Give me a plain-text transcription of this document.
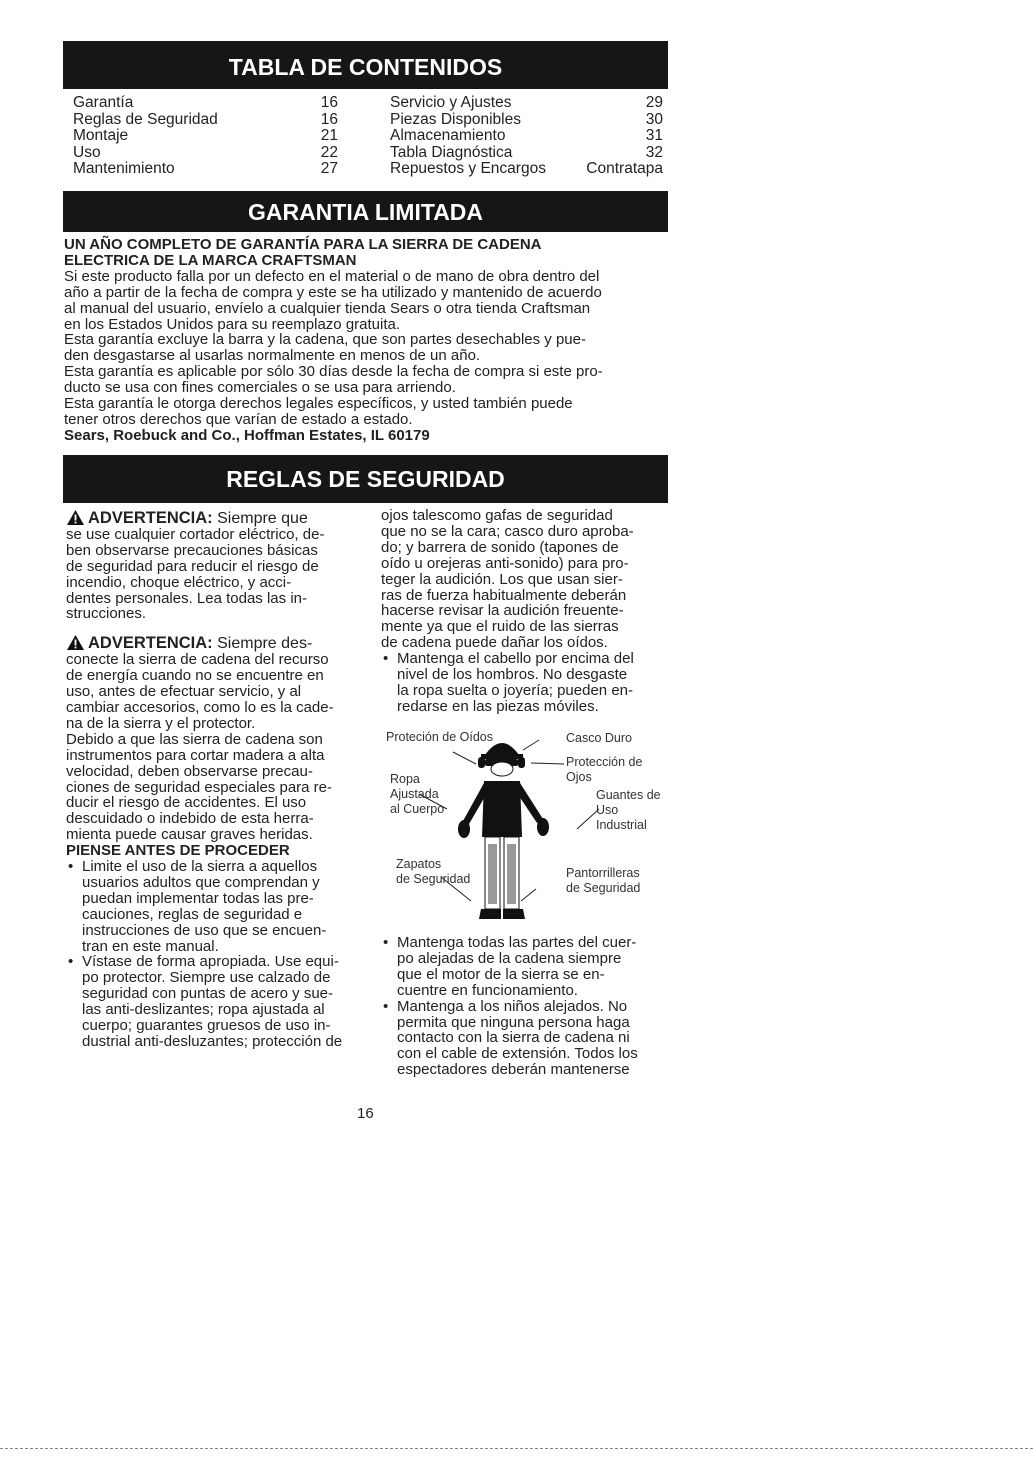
TABLA DE CONTENIDOS
Garantía	16
Reglas de Seguridad	16
Montaje	21
Uso	22
Mantenimiento	27
Servicio y Ajustes	29
Piezas Disponibles	30
Almacenamiento	31
Tabla Diagnóstica	32
Repuestos y Encargos	Contratapa
GARANTIA LIMITADA

UN AÑO COMPLETO DE GARANTÍA PARA LA SIERRA DE CADENA

ELECTRICA DE LA MARCA CRAFTSMAN

Si este producto falla por un defecto en el material o de mano de obra dentro del
año a partir de la fecha de compra y este se ha utilizado y mantenido de acuerdo
al manual del usuario, envíelo a cualquier tienda Sears o otra tienda Craftsman
en los Estados Unidos para su reemplazo gratuita.
Esta garantía excluye la barra y la cadena, que son partes desechables y pue-
den desgastarse al usarlas normalmente en menos de un año.
Esta garantía es aplicable por sólo 30 días desde la fecha de compra si este pro-
ducto se usa con fines comerciales o se usa para arriendo.
Esta garantía le otorga derechos legales específicos, y usted también puede
tener otros derechos que varían de estado a estado.

Sears, Roebuck and Co., Hoffman Estates, IL 60179

REGLAS DE SEGURIDAD
ADVERTENCIA: Siempre que
se use cualquier cortador eléctrico, de-
ben observarse precauciones básicas
de seguridad para reducir el riesgo de
incendio, choque eléctrico, y acci-
dentes personales. Lea todas las in-
strucciones.
ADVERTENCIA: Siempre des-
conecte la sierra de cadena del recurso
de energía cuando no se encuentre en
uso, antes de efectuar servicio, y al
cambiar accesorios, como lo es la cade-
na de la sierra y el protector.
Debido a que las sierra de cadena son
instrumentos para cortar madera a alta
velocidad, deben observarse precau-
ciones de seguridad especiales para re-
ducir el riesgo de accidentes. El uso
descuidado o indebido de esta herra-
mienta puede causar graves heridas.

PIENSE ANTES DE PROCEDER

• Limite el uso de la sierra a aquellos
usuarios adultos que comprendan y
puedan implementar todas las pre-
cauciones, reglas de seguridad e
instrucciones de uso que se encuen-
tran en este manual.
• Vístase de forma apropiada. Use equi-
po protector. Siempre use calzado de
seguridad con puntas de acero y sue-
las anti-deslizantes; ropa ajustada al
cuerpo; guarantes gruesos de uso in-
dustrial anti-desluzantes; protección de
ojos talescomo gafas de seguridad
que no se la cara; casco duro aproba-
do; y barrera de sonido (tapones de
oído u orejeras anti-sonido) para pro-
teger la audición. Los que usan sier-
ras de fuerza habitualmente deberán
hacerse revisar la audición freuente-
mente ya que el ruido de las sierras
de cadena puede dañar los oídos.
• Mantenga el cabello por encima del
nivel de los hombros. No desgaste
la ropa suelta o joyería; pueden en-
redarse en las piezas móviles.
Proteción de Oídos	Casco Duro
Protección de
Ojos
Ropa
Ajustada
al Cuerpo
Guantes de
Uso
Industrial
Zapatos
de Seguridad	Pantorrilleras
de Seguridad
• Mantenga todas las partes del cuer-
po alejadas de la cadena siempre
que el motor de la sierra se en-
cuentre en funcionamiento.
• Mantenga a los niños alejados. No
permita que ninguna persona haga
contacto con la sierra de cadena ni
con el cable de extensión. Todos los
espectadores deberán mantenerse
16
